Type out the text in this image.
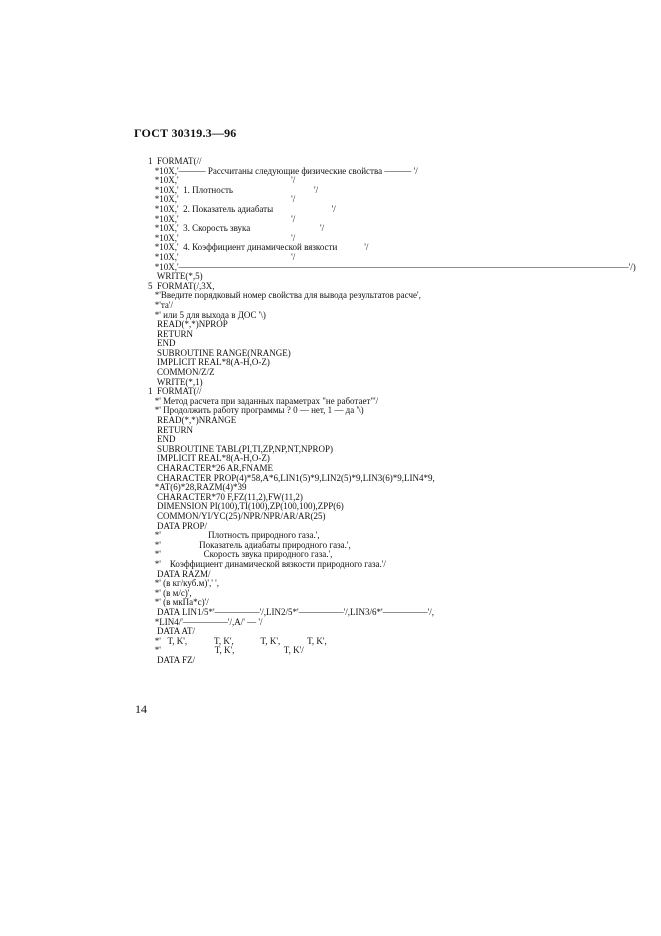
ГОСТ 30319.3—96
1  FORMAT(//
*10X,'——— Рассчитаны следующие физические свойства ——— '/
*10X,'                                                  '/
*10X,'  1. Плотность                                    '/
*10X,'                                                  '/
*10X,'  2. Показатель адиабаты                          '/
*10X,'                                                  '/
*10X,'  3. Скорость звука                               '/
*10X,'                                                  '/
*10X,'  4. Коэффициент динамической вязкости            '/
*10X,'                                                  '/
*10X,'——————————————————————————————————————————————————'/)
WRITE(*,5)
5  FORMAT(/,3X,
*'Введите порядковый номер свойства для вывода результатов расче',
*'та'/
*' или 5 для выхода в ДОС '\)
READ(*,*)NPROP
RETURN
END
SUBROUTINE RANGE(NRANGE)
IMPLICIT REAL*8(A-H,O-Z)
COMMON/Z/Z
WRITE(*,1)
1  FORMAT(//
*' Метод расчета при заданных параметрах "не работает"'/
*' Продолжить работу программы ? 0 — нет, 1 — да '\)
READ(*,*)NRANGE
RETURN
END
SUBROUTINE TABL(PI,TI,ZP,NP,NT,NPROP)
IMPLICIT REAL*8(A-H,O-Z)
CHARACTER*26 AR,FNAME
CHARACTER PROP(4)*58,A*6,LIN1(5)*9,LIN2(5)*9,LIN3(6)*9,LIN4*9,
*AT(6)*28,RAZM(4)*39
CHARACTER*70 F,FZ(11,2),FW(11,2)
DIMENSION PI(100),TI(100),ZP(100,100),ZPP(6)
COMMON/YI/YC(25)/NPR/NPR/AR/AR(25)
DATA PROP/
*'                     Плотность природного газа.',
*'                 Показатель адиабаты природного газа.',
*'                   Скорость звука природного газа.',
*'    Коэффициент динамической вязкости природного газа.'/
DATA RAZM/
*' (в кг/куб.м)',' ',
*' (в м/с)',
*' (в мкПа*с)'/
DATA LIN1/5*'—————'/,LIN2/5*'—————'/,LIN3/6*'—————'/,
*LIN4/'—————'/,A/' — '/
DATA AT/
*'   T, K',            T, K',            T, K',            T, K',
*'                        T, K',                      T, K'/
DATA FZ/
14
